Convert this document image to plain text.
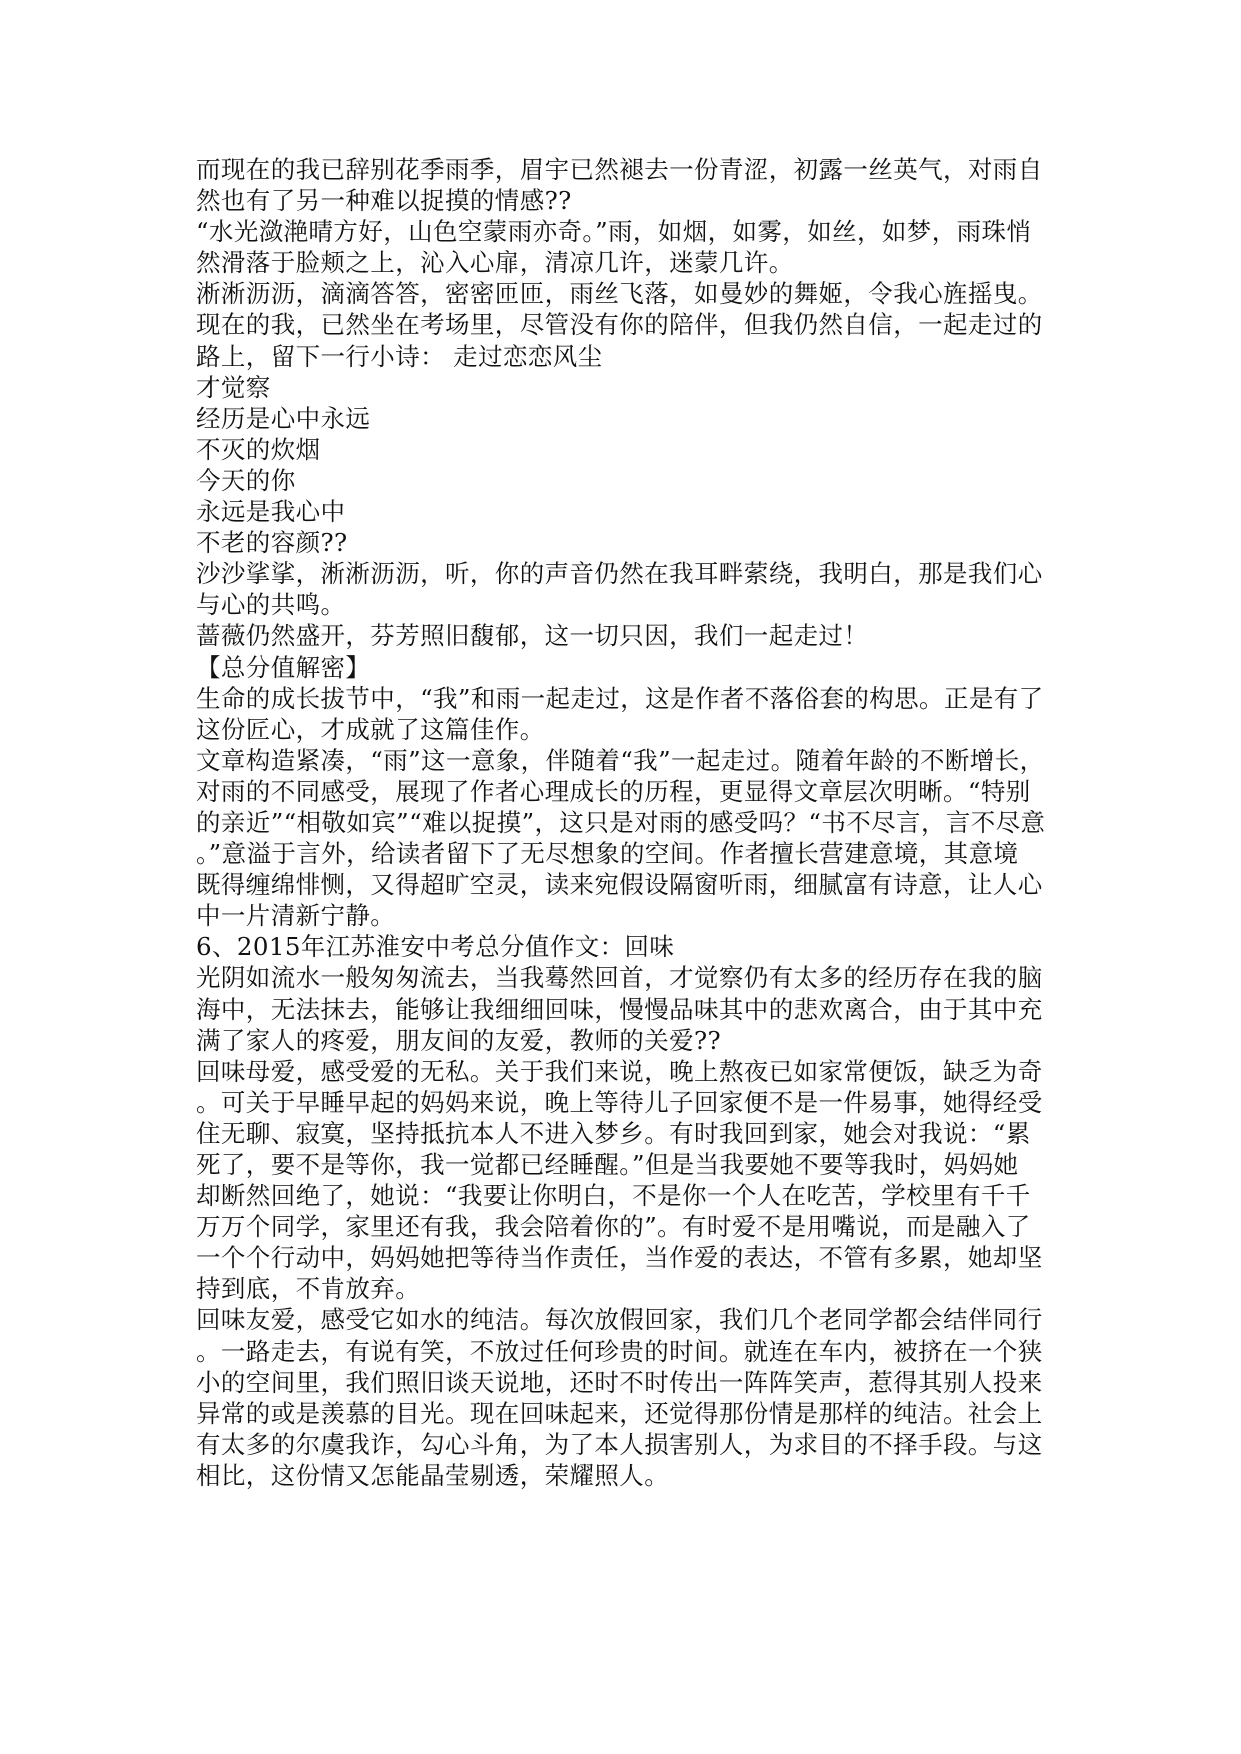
而现在的我已辞别花季雨季，眉宇已然褪去一份青涩，初露一丝英气，对雨自
然也有了另一种难以捉摸的情感??
“水光潋滟晴方好，山色空蒙雨亦奇。”雨，如烟，如雾，如丝，如梦，雨珠悄
然滑落于脸颊之上，沁入心扉，清凉几许，迷蒙几许。
淅淅沥沥，滴滴答答，密密匝匝，雨丝飞落，如曼妙的舞姬，令我心旌摇曳。
现在的我，已然坐在考场里，尽管没有你的陪伴，但我仍然自信，一起走过的
路上，留下一行小诗： 走过恋恋风尘
才觉察
经历是心中永远
不灭的炊烟
今天的你
永远是我心中
不老的容颜??
沙沙挲挲，淅淅沥沥，听，你的声音仍然在我耳畔萦绕，我明白，那是我们心
与心的共鸣。
蔷薇仍然盛开，芬芳照旧馥郁，这一切只因，我们一起走过！
【总分值解密】
生命的成长拔节中，“我”和雨一起走过，这是作者不落俗套的构思。正是有了
这份匠心，才成就了这篇佳作。
文章构造紧凑，“雨”这一意象，伴随着“我”一起走过。随着年龄的不断增长，
对雨的不同感受，展现了作者心理成长的历程，更显得文章层次明晰。“特别
的亲近”“相敬如宾”“难以捉摸”，这只是对雨的感受吗？“书不尽言，言不尽意
。”意溢于言外，给读者留下了无尽想象的空间。作者擅长营建意境，其意境
既得缠绵悱恻，又得超旷空灵，读来宛假设隔窗听雨，细腻富有诗意，让人心
中一片清新宁静。
6、2015年江苏淮安中考总分值作文：回味
光阴如流水一般匆匆流去，当我蓦然回首，才觉察仍有太多的经历存在我的脑
海中，无法抹去，能够让我细细回味，慢慢品味其中的悲欢离合，由于其中充
满了家人的疼爱，朋友间的友爱，教师的关爱??
回味母爱，感受爱的无私。关于我们来说，晚上熬夜已如家常便饭，缺乏为奇
。可关于早睡早起的妈妈来说，晚上等待儿子回家便不是一件易事，她得经受
住无聊、寂寞，坚持抵抗本人不进入梦乡。有时我回到家，她会对我说：“累
死了，要不是等你，我一觉都已经睡醒。”但是当我要她不要等我时，妈妈她
却断然回绝了，她说：“我要让你明白，不是你一个人在吃苦，学校里有千千
万万个同学，家里还有我，我会陪着你的”。有时爱不是用嘴说，而是融入了
一个个行动中，妈妈她把等待当作责任，当作爱的表达，不管有多累，她却坚
持到底，不肯放弃。
回味友爱，感受它如水的纯洁。每次放假回家，我们几个老同学都会结伴同行
。一路走去，有说有笑，不放过任何珍贵的时间。就连在车内，被挤在一个狭
小的空间里，我们照旧谈天说地，还时不时传出一阵阵笑声，惹得其别人投来
异常的或是羡慕的目光。现在回味起来，还觉得那份情是那样的纯洁。社会上
有太多的尔虞我诈，勾心斗角，为了本人损害别人，为求目的不择手段。与这
相比，这份情又怎能晶莹剔透，荣耀照人。
